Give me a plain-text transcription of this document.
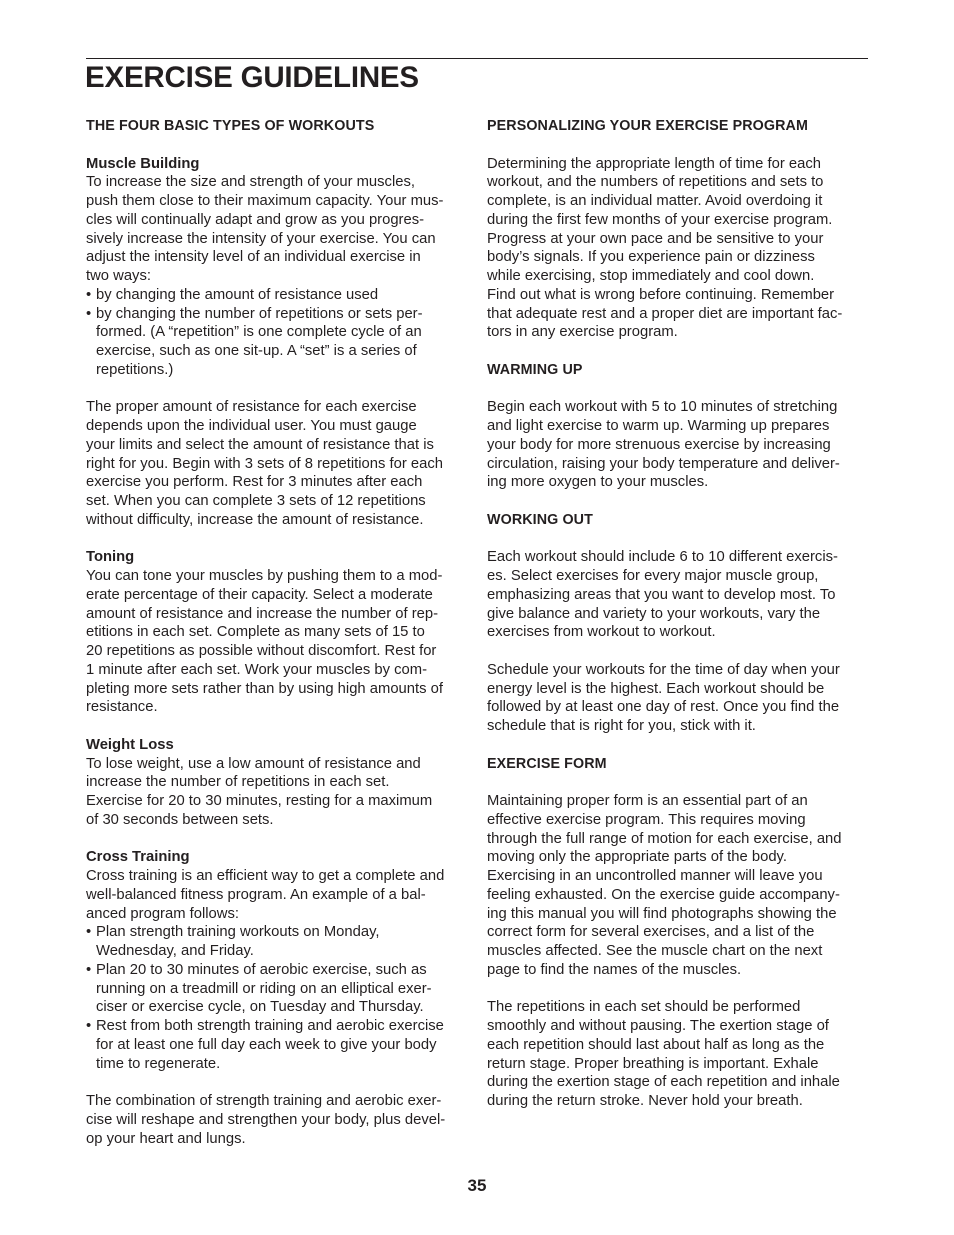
EXERCISE GUIDELINES
THE FOUR BASIC TYPES OF WORKOUTS
Muscle Building
To increase the size and strength of your muscles,
push them close to their maximum capacity. Your mus-
cles will continually adapt and grow as you progres-
sively increase the intensity of your exercise. You can
adjust the intensity level of an individual exercise in
two ways:
• by changing the amount of resistance used
• by changing the number of repetitions or sets per-
formed. (A “repetition” is one complete cycle of an
exercise, such as one sit-up. A “set” is a series of
repetitions.)
The proper amount of resistance for each exercise
depends upon the individual user. You must gauge
your limits and select the amount of resistance that is
right for you. Begin with 3 sets of 8 repetitions for each
exercise you perform. Rest for 3 minutes after each
set. When you can complete 3 sets of 12 repetitions
without difficulty, increase the amount of resistance.
Toning
You can tone your muscles by pushing them to a mod-
erate percentage of their capacity. Select a moderate
amount of resistance and increase the number of rep-
etitions in each set. Complete as many sets of 15 to
20 repetitions as possible without discomfort. Rest for
1 minute after each set. Work your muscles by com-
pleting more sets rather than by using high amounts of
resistance.
Weight Loss
To lose weight, use a low amount of resistance and
increase the number of repetitions in each set.
Exercise for 20 to 30 minutes, resting for a maximum
of 30 seconds between sets.
Cross Training
Cross training is an efficient way to get a complete and
well-balanced fitness program. An example of a bal-
anced program follows:
• Plan strength training workouts on Monday,
Wednesday, and Friday.
• Plan 20 to 30 minutes of aerobic exercise, such as
running on a treadmill or riding on an elliptical exer-
ciser or exercise cycle, on Tuesday and Thursday.
• Rest from both strength training and aerobic exercise
for at least one full day each week to give your body
time to regenerate.
The combination of strength training and aerobic exer-
cise will reshape and strengthen your body, plus devel-
op your heart and lungs.
PERSONALIZING YOUR EXERCISE PROGRAM
Determining the appropriate length of time for each
workout, and the numbers of repetitions and sets to
complete, is an individual matter. Avoid overdoing it
during the first few months of your exercise program.
Progress at your own pace and be sensitive to your
body’s signals. If you experience pain or dizziness
while exercising, stop immediately and cool down.
Find out what is wrong before continuing. Remember
that adequate rest and a proper diet are important fac-
tors in any exercise program.
WARMING UP
Begin each workout with 5 to 10 minutes of stretching
and light exercise to warm up. Warming up prepares
your body for more strenuous exercise by increasing
circulation, raising your body temperature and deliver-
ing more oxygen to your muscles.
WORKING OUT
Each workout should include 6 to 10 different exercis-
es. Select exercises for every major muscle group,
emphasizing areas that you want to develop most. To
give balance and variety to your workouts, vary the
exercises from workout to workout.
Schedule your workouts for the time of day when your
energy level is the highest. Each workout should be
followed by at least one day of rest. Once you find the
schedule that is right for you, stick with it.
EXERCISE FORM
Maintaining proper form is an essential part of an
effective exercise program. This requires moving
through the full range of motion for each exercise, and
moving only the appropriate parts of the body.
Exercising in an uncontrolled manner will leave you
feeling exhausted. On the exercise guide accompany-
ing this manual you will find photographs showing the
correct form for several exercises, and a list of the
muscles affected. See the muscle chart on the next
page to find the names of the muscles.
The repetitions in each set should be performed
smoothly and without pausing. The exertion stage of
each repetition should last about half as long as the
return stage. Proper breathing is important. Exhale
during the exertion stage of each repetition and inhale
during the return stroke. Never hold your breath.
35
